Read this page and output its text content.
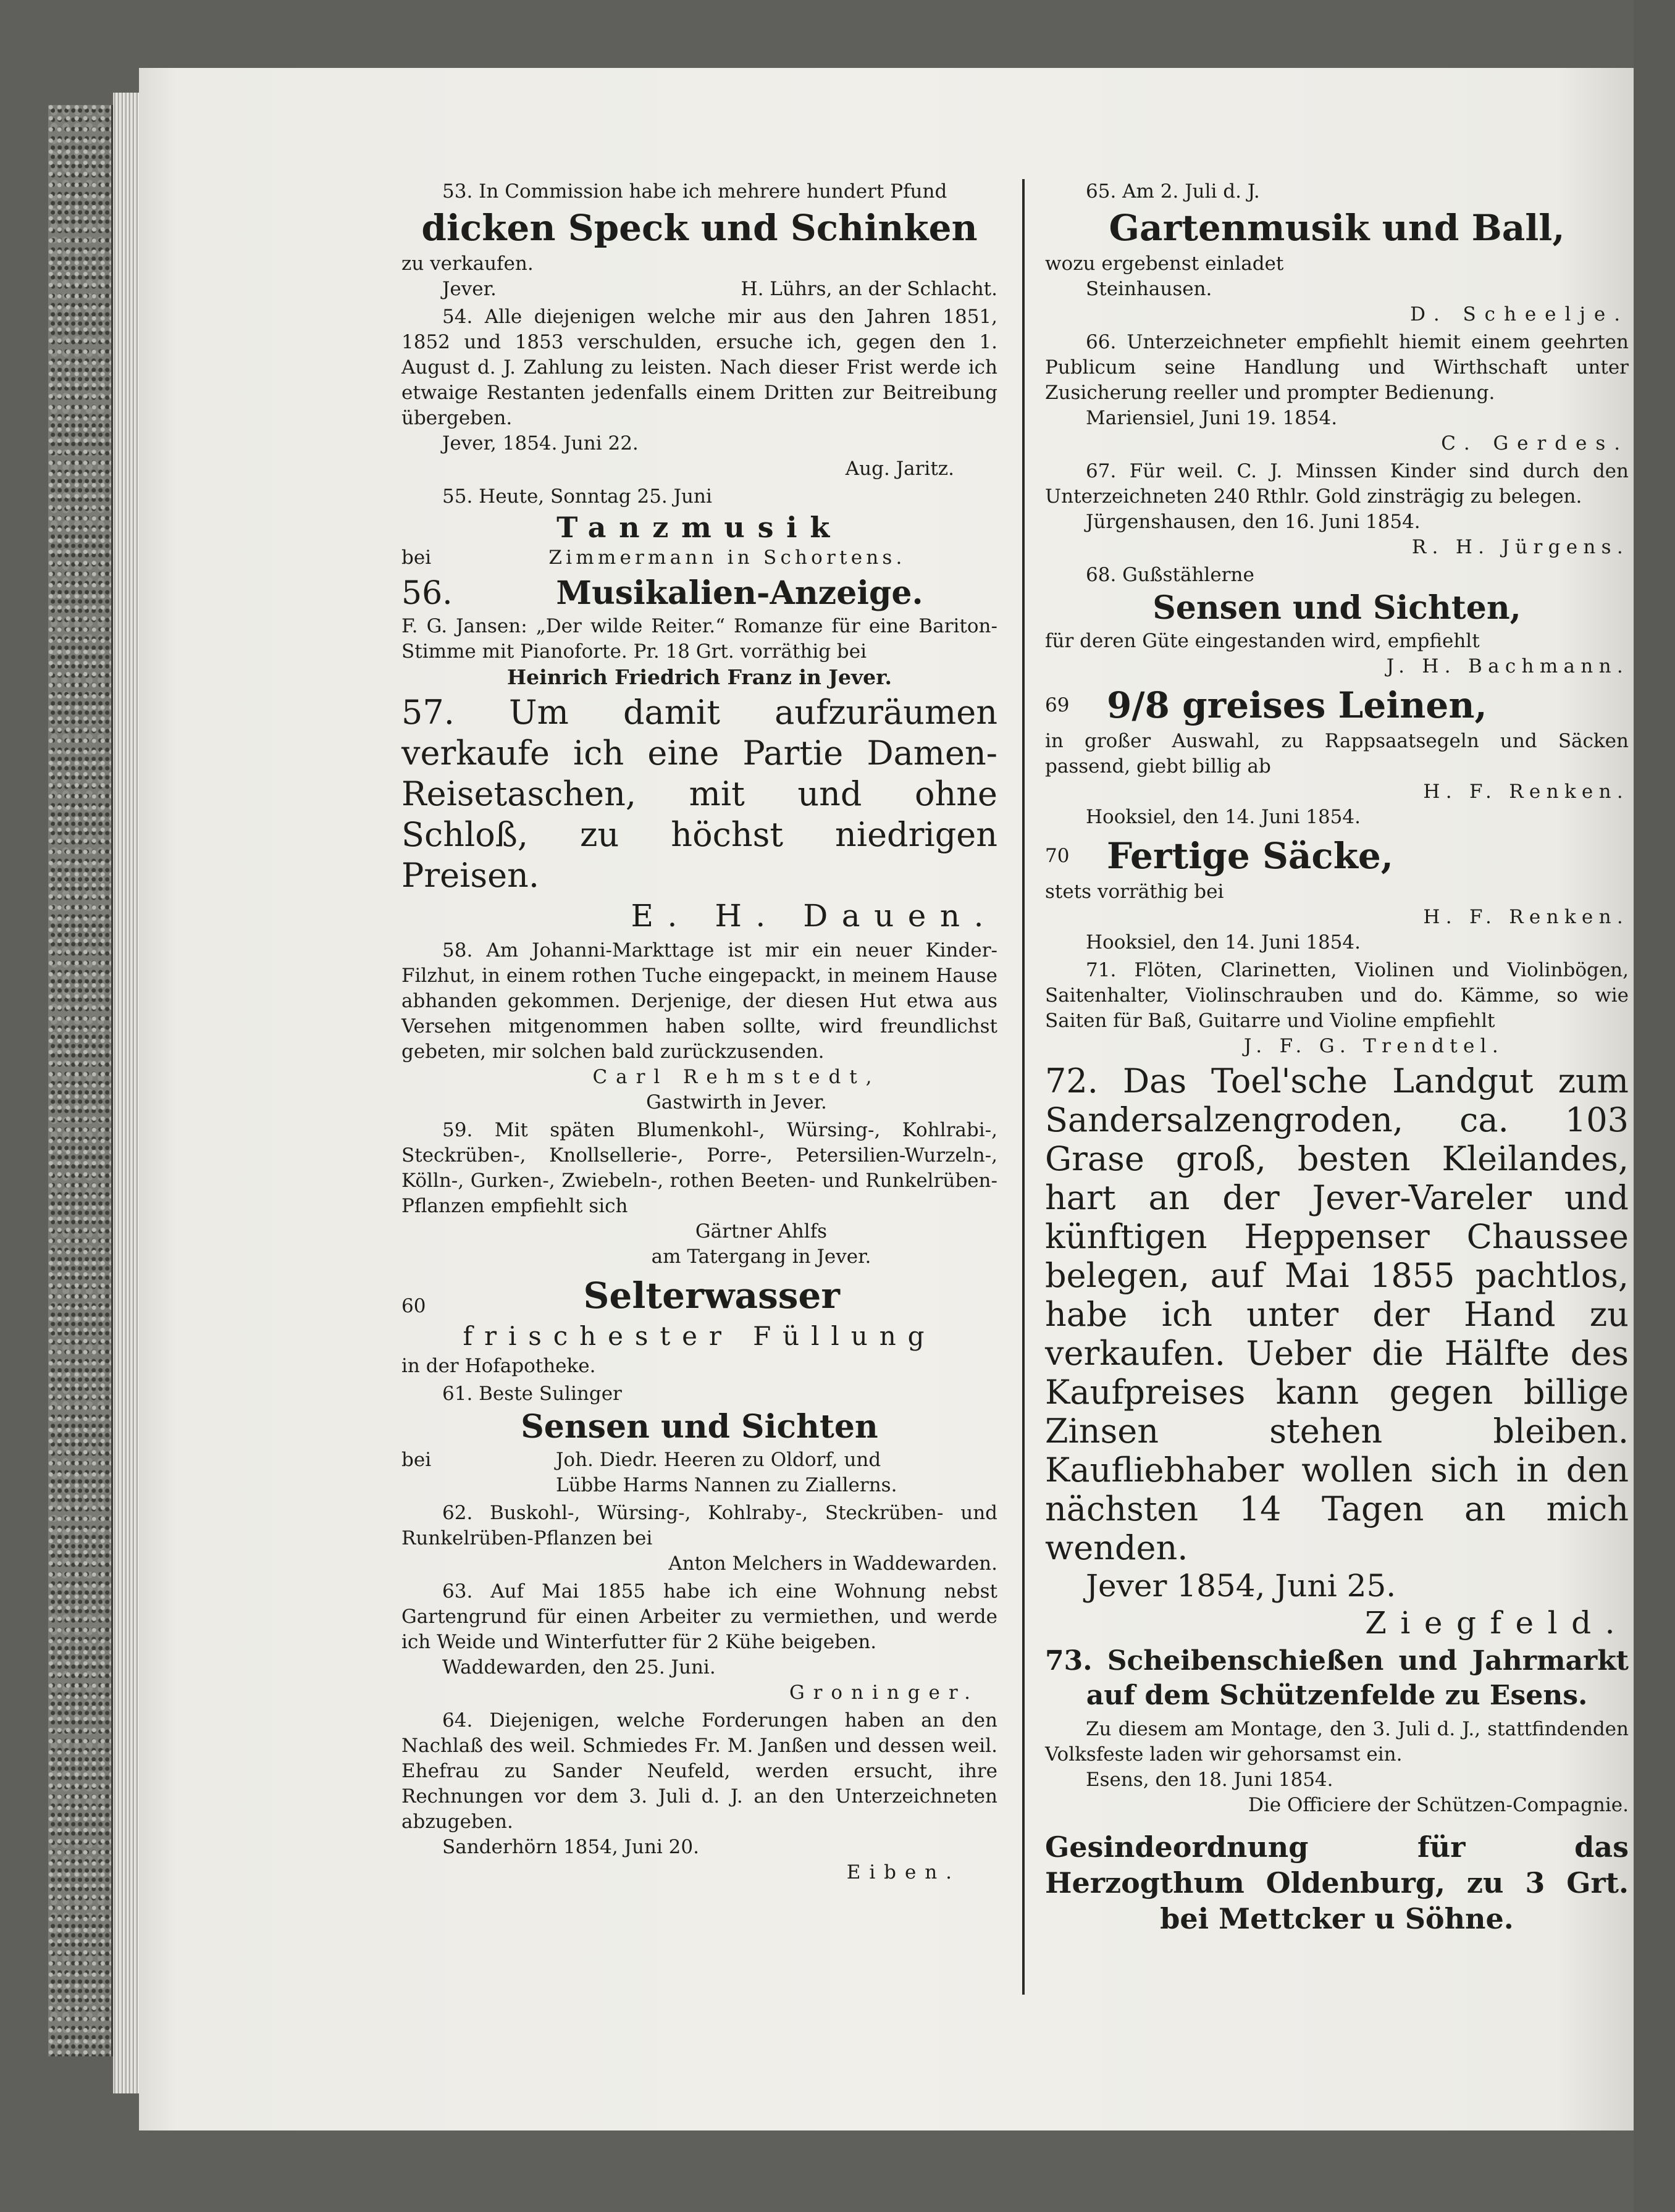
53. In Commission habe ich mehrere hundert Pfund
dicken Speck und Schinken
zu verkaufen.
Jever.	H. Lührs, an der Schlacht.
54. Alle diejenigen welche mir aus den Jahren 1851, 1852 und 1853 verschulden, ersuche ich, gegen den 1. August d. J. Zahlung zu leisten. Nach dieser Frist werde ich etwaige Restanten jedenfalls einem Dritten zur Beitreibung übergeben.
Jever, 1854. Juni 22.
Aug. Jaritz.
55. Heute, Sonntag 25. Juni
Tanzmusik
bei	Zimmermann in Schortens.
56.	Musikalien-Anzeige.
F. G. Jansen: „Der wilde Reiter.“ Romanze für eine Bariton-Stimme mit Pianoforte. Pr. 18 Grt. vorräthig bei
Heinrich Friedrich Franz in Jever.
57. Um damit aufzuräumen verkaufe ich eine Partie Damen-Reisetaschen, mit und ohne Schloß, zu höchst niedrigen Preisen.
E. H. Dauen.
58. Am Johanni-Markttage ist mir ein neuer Kinder-Filzhut, in einem rothen Tuche eingepackt, in meinem Hause abhanden gekommen. Derjenige, der diesen Hut etwa aus Versehen mitgenommen haben sollte, wird freundlichst gebeten, mir solchen bald zurückzusenden.
Carl Rehmstedt,
Gastwirth in Jever.
59. Mit späten Blumenkohl-, Würsing-, Kohlrabi-, Steckrüben-, Knollsellerie-, Porre-, Petersilien-Wurzeln-, Kölln-, Gurken-, Zwiebeln-, rothen Beeten- und Runkelrüben-Pflanzen empfiehlt sich
Gärtner Ahlfs
am Tatergang in Jever.
60	Selterwasser
frischester Füllung
in der Hofapotheke.
61. Beste Sulinger
Sensen und Sichten
bei	Joh. Diedr. Heeren zu Oldorf, und
Lübbe Harms Nannen zu Ziallerns.
62. Buskohl-, Würsing-, Kohlraby-, Steckrüben- und Runkelrüben-Pflanzen bei
Anton Melchers in Waddewarden.
63. Auf Mai 1855 habe ich eine Wohnung nebst Gartengrund für einen Arbeiter zu vermiethen, und werde ich Weide und Winterfutter für 2 Kühe beigeben.
Waddewarden, den 25. Juni.
Groninger.
64. Diejenigen, welche Forderungen haben an den Nachlaß des weil. Schmiedes Fr. M. Janßen und dessen weil. Ehefrau zu Sander Neufeld, werden ersucht, ihre Rechnungen vor dem 3. Juli d. J. an den Unterzeichneten abzugeben.
Sanderhörn 1854, Juni 20.
Eiben.
65. Am 2. Juli d. J.
Gartenmusik und Ball,
wozu ergebenst einladet
Steinhausen.
D. Scheelje.
66. Unterzeichneter empfiehlt hiemit einem geehrten Publicum seine Handlung und Wirthschaft unter Zusicherung reeller und prompter Bedienung.
Mariensiel, Juni 19. 1854.
C. Gerdes.
67. Für weil. C. J. Minssen Kinder sind durch den Unterzeichneten 240 Rthlr. Gold zinsträgig zu belegen.
Jürgenshausen, den 16. Juni 1854.
R. H. Jürgens.
68. Gußstählerne
Sensen und Sichten,
für deren Güte eingestanden wird, empfiehlt
J. H. Bachmann.
69	9/8 greises Leinen,
in großer Auswahl, zu Rappsaatsegeln und Säcken passend, giebt billig ab
H. F. Renken.
Hooksiel, den 14. Juni 1854.
70	Fertige Säcke,
stets vorräthig bei
H. F. Renken.
Hooksiel, den 14. Juni 1854.
71. Flöten, Clarinetten, Violinen und Violinbögen, Saitenhalter, Violinschrauben und do. Kämme, so wie Saiten für Baß, Guitarre und Violine empfiehlt
J. F. G. Trendtel.
72. Das Toel'sche Landgut zum Sandersalzengroden, ca. 103 Grase groß, besten Kleilandes, hart an der Jever-Vareler und künftigen Heppenser Chaussee belegen, auf Mai 1855 pachtlos, habe ich unter der Hand zu verkaufen. Ueber die Hälfte des Kaufpreises kann gegen billige Zinsen stehen bleiben. Kaufliebhaber wollen sich in den nächsten 14 Tagen an mich wenden.
Jever 1854, Juni 25.
Ziegfeld.
73. Scheibenschießen und Jahrmarkt auf dem Schützenfelde zu Esens.
Zu diesem am Montage, den 3. Juli d. J., stattfindenden Volksfeste laden wir gehorsamst ein.
Esens, den 18. Juni 1854.
Die Officiere der Schützen-Compagnie.
Gesindeordnung für das Herzogthum Oldenburg, zu 3 Grt. bei Mettcker u Söhne.
